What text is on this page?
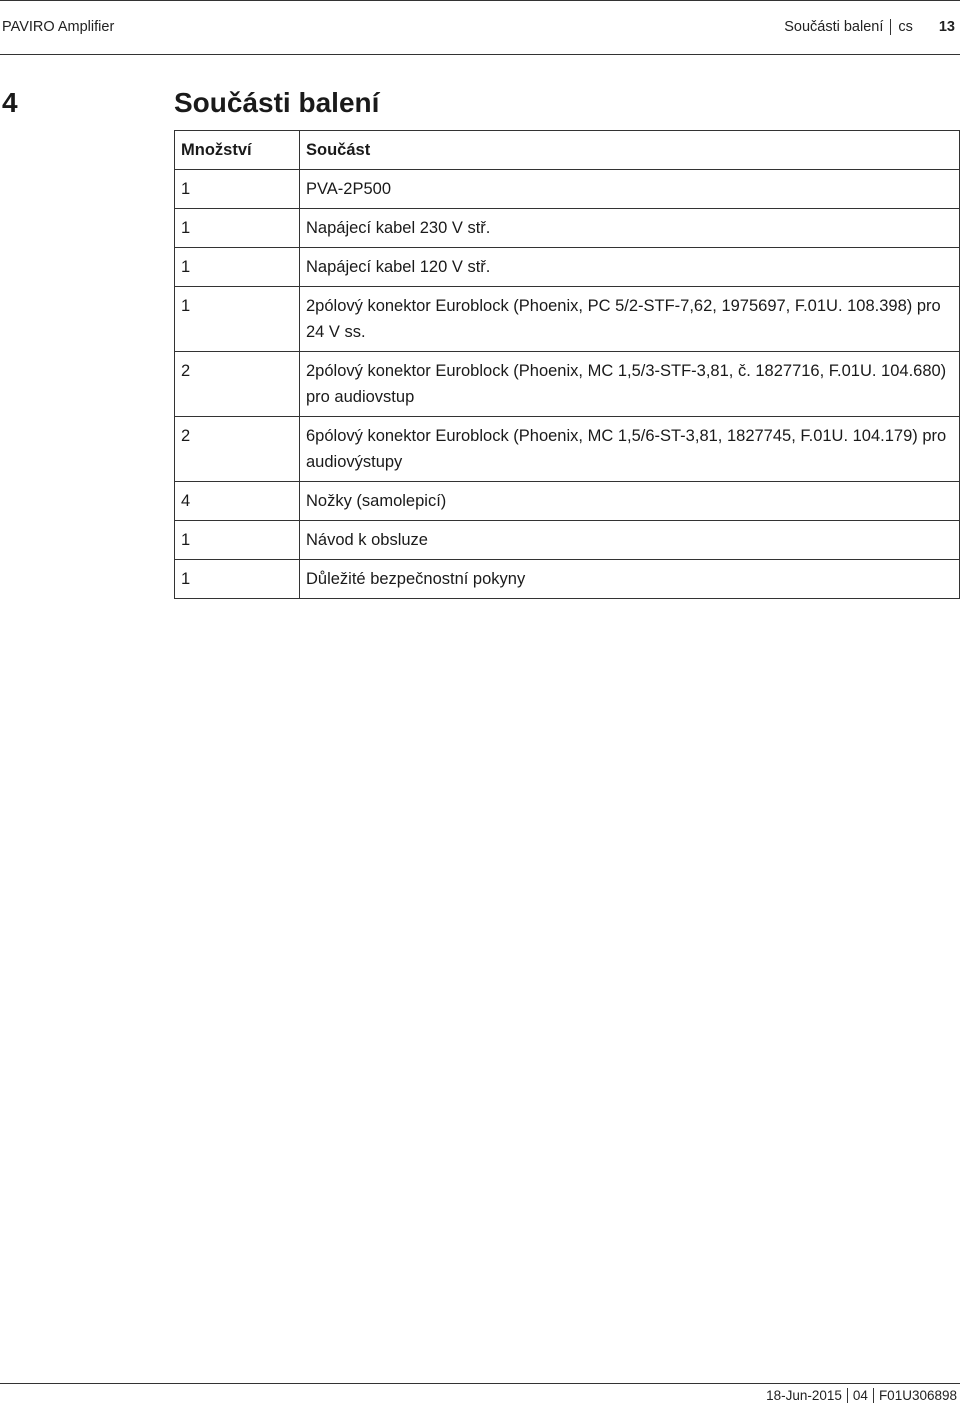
PAVIRO Amplifier	Součásti balení cs 13
4	Součásti balení
Množství	Součást
1	PVA-2P500
1	Napájecí kabel 230 V stř.
1	Napájecí kabel 120 V stř.
1	2pólový konektor Euroblock (Phoenix, PC 5/2-STF-7,62, 1975697, F.01U. 108.398) pro 24 V ss.
2	2pólový konektor Euroblock (Phoenix, MC 1,5/3-STF-3,81, č. 1827716, F.01U. 104.680) pro audiovstup
2	6pólový konektor Euroblock (Phoenix, MC 1,5/6-ST-3,81, 1827745, F.01U. 104.179) pro audiovýstupy
4	Nožky (samolepicí)
1	Návod k obsluze
1	Důležité bezpečnostní pokyny
18-Jun-2015 04 F01U306898
